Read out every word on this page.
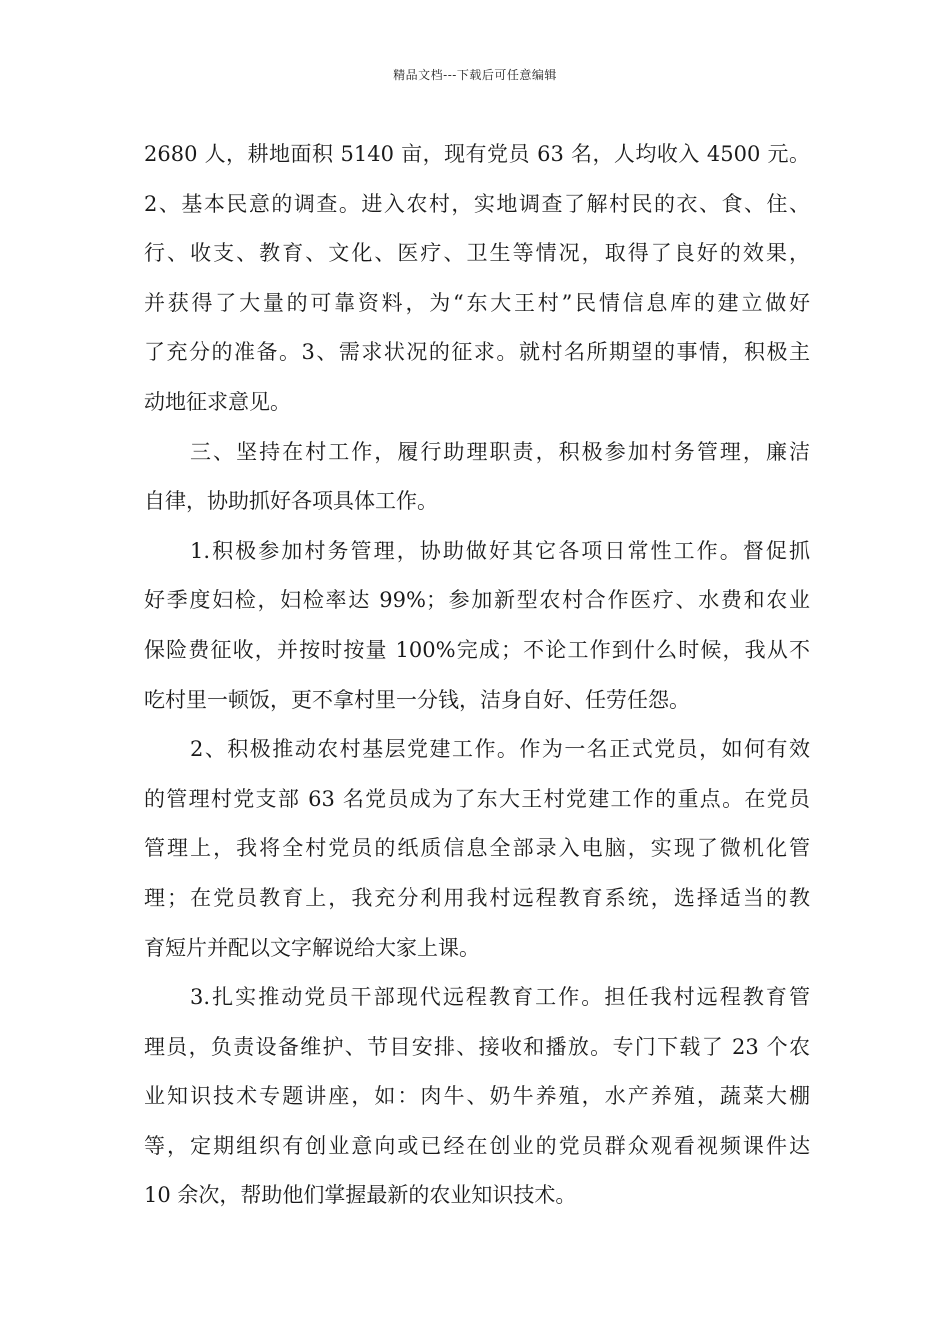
精品文档---下载后可任意编辑
2680 人，耕地面积 5140 亩，现有党员 63 名，人均收入 4500 元。
2、基本民意的调查。进入农村，实地调查了解村民的衣、食、住、
行、收支、教育、文化、医疗、卫生等情况，取得了良好的效果，
并获得了大量的可靠资料，为“东大王村”民情信息库的建立做好
了充分的准备。3、需求状况的征求。就村名所期望的事情，积极主
动地征求意见。
三、坚持在村工作，履行助理职责，积极参加村务管理，廉洁
自律，协助抓好各项具体工作。
1.积极参加村务管理，协助做好其它各项日常性工作。督促抓
好季度妇检，妇检率达 99%；参加新型农村合作医疗、水费和农业
保险费征收，并按时按量 100%完成；不论工作到什么时候，我从不
吃村里一顿饭，更不拿村里一分钱，洁身自好、任劳任怨。
2、积极推动农村基层党建工作。作为一名正式党员，如何有效
的管理村党支部 63 名党员成为了东大王村党建工作的重点。在党员
管理上，我将全村党员的纸质信息全部录入电脑，实现了微机化管
理；在党员教育上，我充分利用我村远程教育系统，选择适当的教
育短片并配以文字解说给大家上课。
3.扎实推动党员干部现代远程教育工作。担任我村远程教育管
理员，负责设备维护、节目安排、接收和播放。专门下载了 23 个农
业知识技术专题讲座，如：肉牛、奶牛养殖，水产养殖，蔬菜大棚
等，定期组织有创业意向或已经在创业的党员群众观看视频课件达
10 余次，帮助他们掌握最新的农业知识技术。
